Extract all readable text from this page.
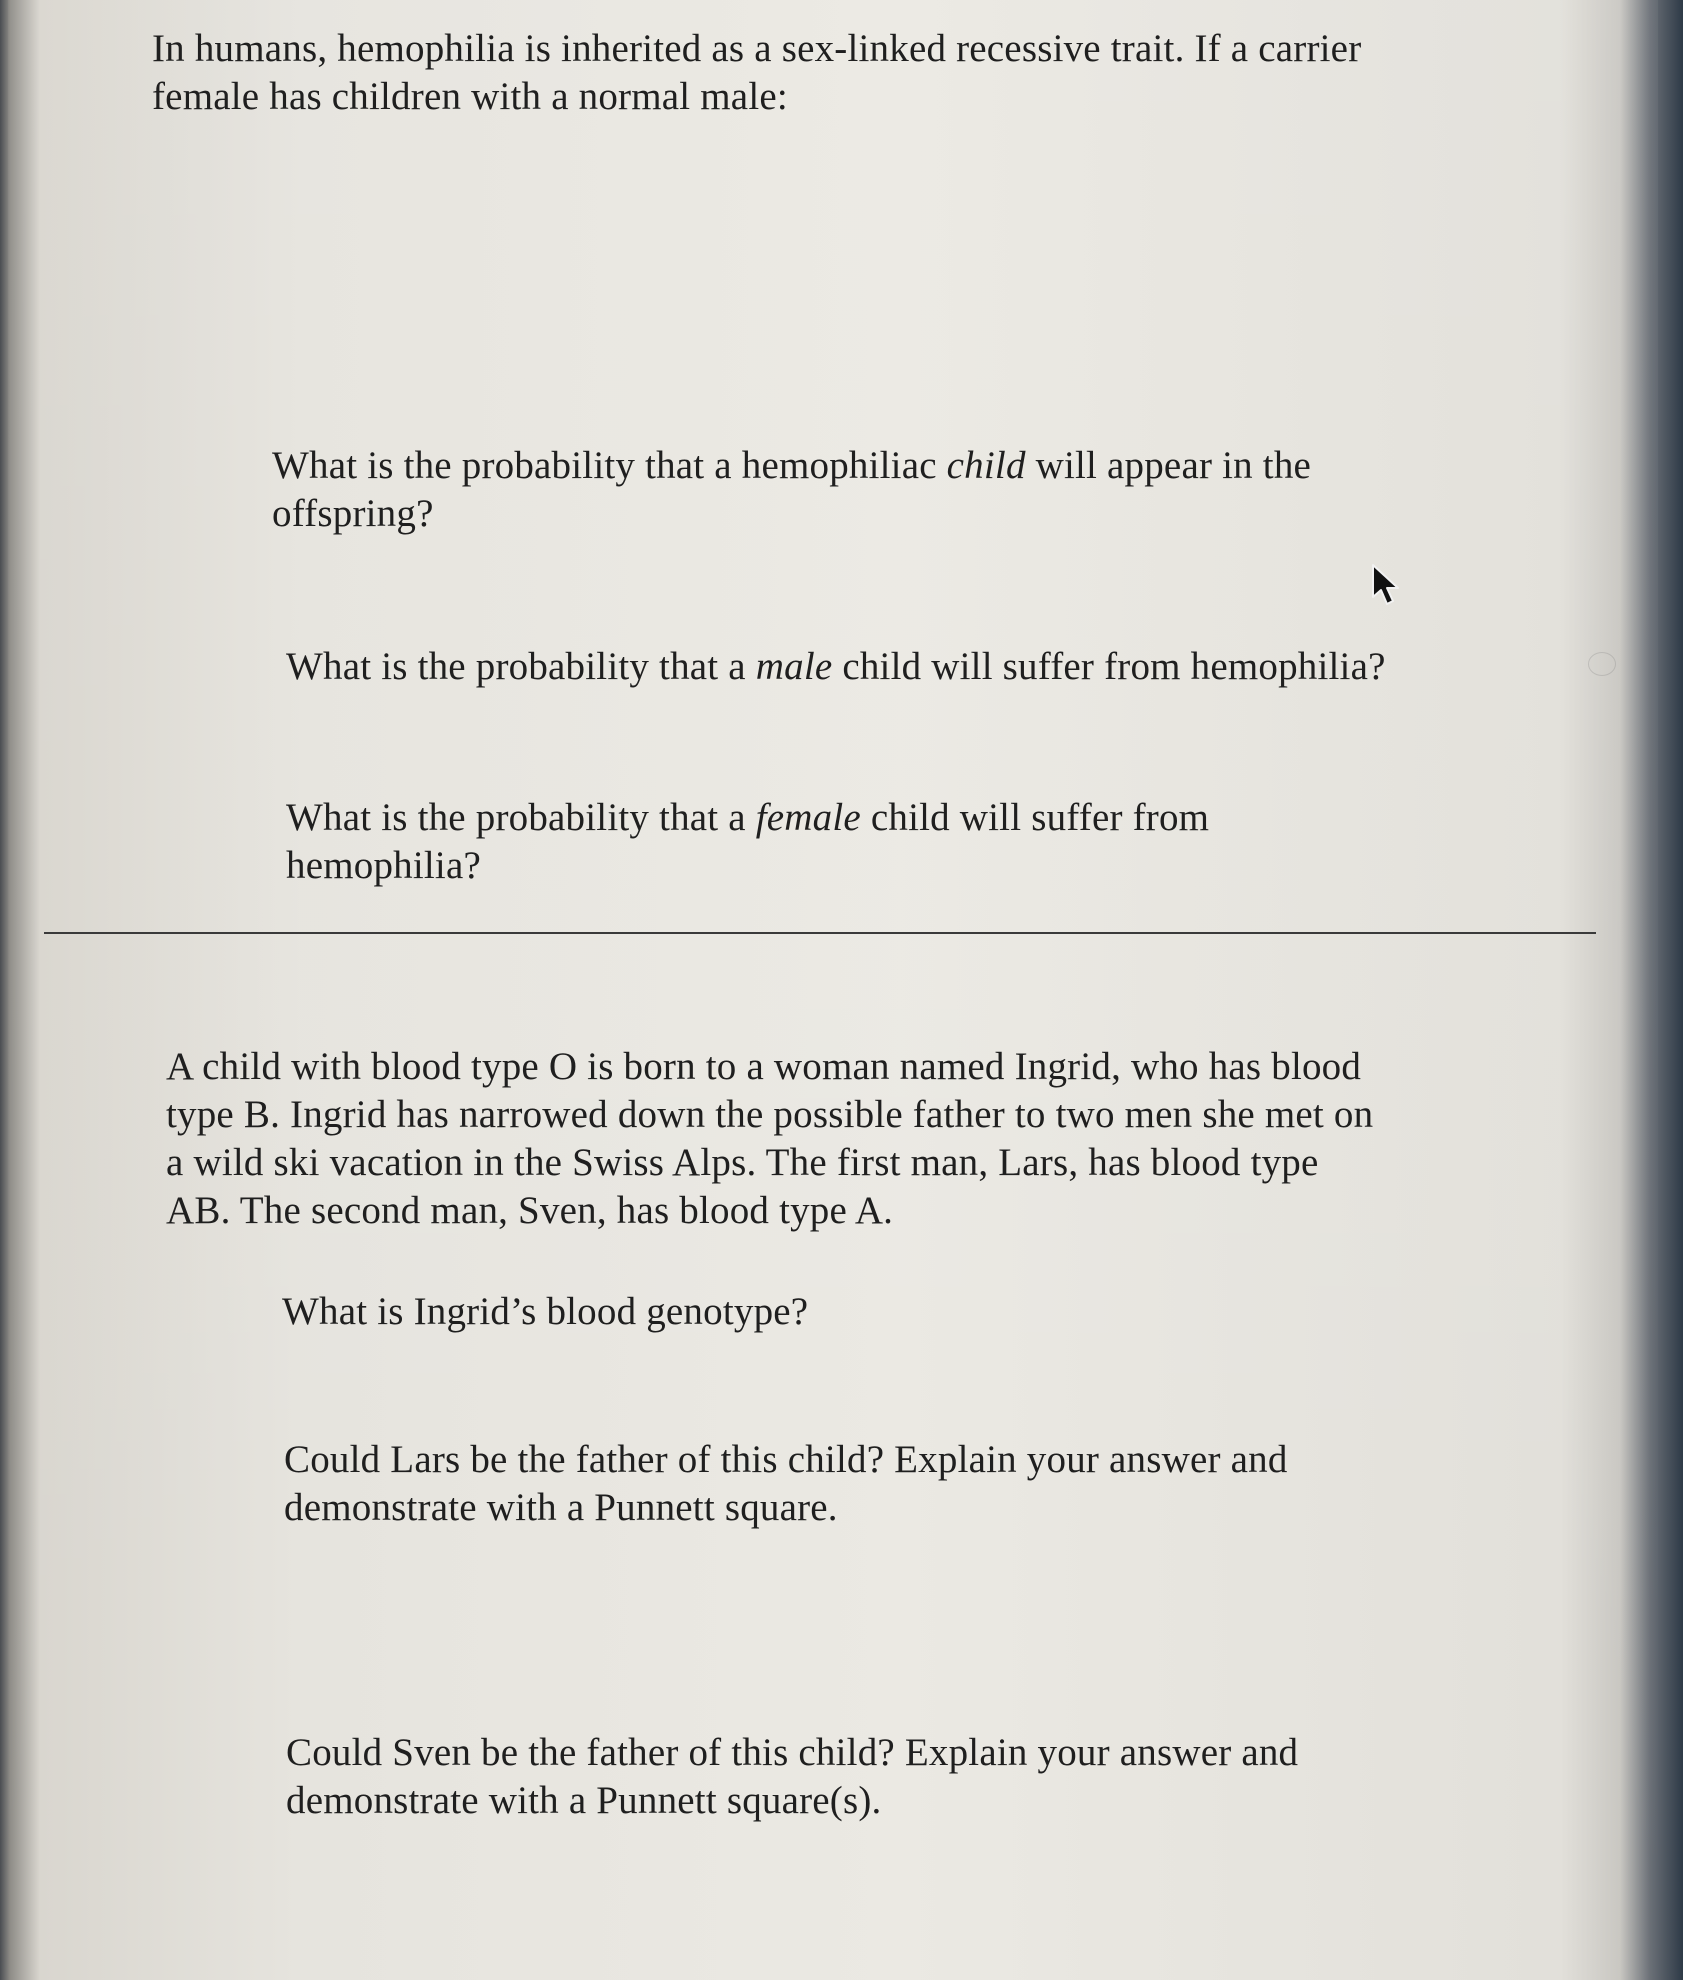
In humans, hemophilia is inherited as a sex-linked recessive trait. If a carrier
female has children with a normal male:

What is the probability that a hemophiliac child will appear in the
offspring?

What is the probability that a male child will suffer from hemophilia?

What is the probability that a female child will suffer from
hemophilia?

A child with blood type O is born to a woman named Ingrid, who has blood
type B. Ingrid has narrowed down the possible father to two men she met on
a wild ski vacation in the Swiss Alps. The first man, Lars, has blood type
AB. The second man, Sven, has blood type A.

What is Ingrid’s blood genotype?

Could Lars be the father of this child? Explain your answer and
demonstrate with a Punnett square.

Could Sven be the father of this child? Explain your answer and
demonstrate with a Punnett square(s).
